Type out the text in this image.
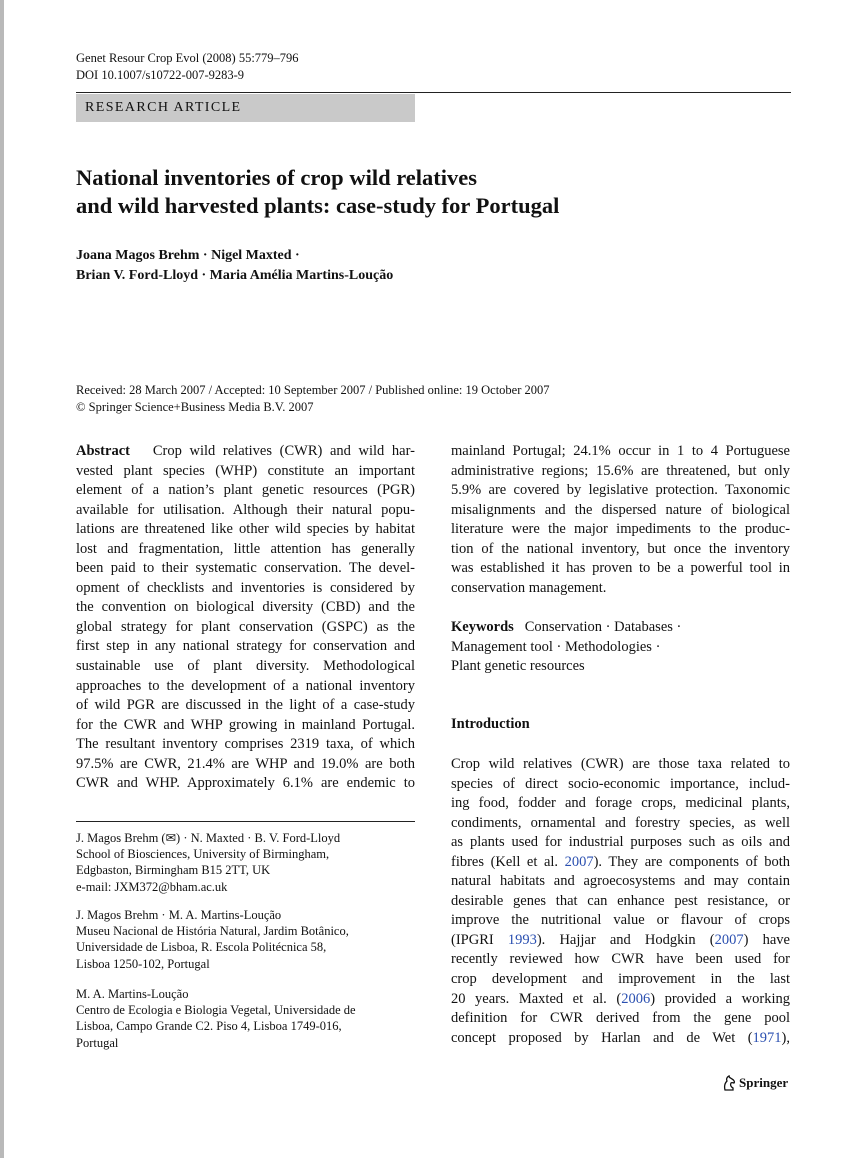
Genet Resour Crop Evol (2008) 55:779–796
DOI 10.1007/s10722-007-9283-9
RESEARCH ARTICLE
National inventories of crop wild relatives
and wild harvested plants: case-study for Portugal
Joana Magos Brehm · Nigel Maxted ·
Brian V. Ford-Lloyd · Maria Amélia Martins-Loução
Received: 28 March 2007 / Accepted: 10 September 2007 / Published online: 19 October 2007
© Springer Science+Business Media B.V. 2007
Abstract Crop wild relatives (CWR) and wild har-
vested plant species (WHP) constitute an important
element of a nation’s plant genetic resources (PGR)
available for utilisation. Although their natural popu-
lations are threatened like other wild species by habitat
lost and fragmentation, little attention has generally
been paid to their systematic conservation. The devel-
opment of checklists and inventories is considered by
the convention on biological diversity (CBD) and the
global strategy for plant conservation (GSPC) as the
first step in any national strategy for conservation and
sustainable use of plant diversity. Methodological
approaches to the development of a national inventory
of wild PGR are discussed in the light of a case-study
for the CWR and WHP growing in mainland Portugal.
The resultant inventory comprises 2319 taxa, of which
97.5% are CWR, 21.4% are WHP and 19.0% are both
CWR and WHP. Approximately 6.1% are endemic to
J. Magos Brehm (✉) · N. Maxted · B. V. Ford-Lloyd
School of Biosciences, University of Birmingham,
Edgbaston, Birmingham B15 2TT, UK
e-mail: JXM372@bham.ac.uk
J. Magos Brehm · M. A. Martins-Loução
Museu Nacional de História Natural, Jardim Botânico,
Universidade de Lisboa, R. Escola Politécnica 58,
Lisboa 1250-102, Portugal
M. A. Martins-Loução
Centro de Ecologia e Biologia Vegetal, Universidade de
Lisboa, Campo Grande C2. Piso 4, Lisboa 1749-016,
Portugal
mainland Portugal; 24.1% occur in 1 to 4 Portuguese
administrative regions; 15.6% are threatened, but only
5.9% are covered by legislative protection. Taxonomic
misalignments and the dispersed nature of biological
literature were the major impediments to the produc-
tion of the national inventory, but once the inventory
was established it has proven to be a powerful tool in
conservation management.
Keywords Conservation · Databases ·
Management tool · Methodologies ·
Plant genetic resources
Introduction
Crop wild relatives (CWR) are those taxa related to
species of direct socio-economic importance, includ-
ing food, fodder and forage crops, medicinal plants,
condiments, ornamental and forestry species, as well
as plants used for industrial purposes such as oils and
fibres (Kell et al. 2007). They are components of both
natural habitats and agroecosystems and may contain
desirable genes that can enhance pest resistance, or
improve the nutritional value or flavour of crops
(IPGRI 1993). Hajjar and Hodgkin (2007) have
recently reviewed how CWR have been used for
crop development and improvement in the last
20 years. Maxted et al. (2006) provided a working
definition for CWR derived from the gene pool
concept proposed by Harlan and de Wet (1971),
Springer
